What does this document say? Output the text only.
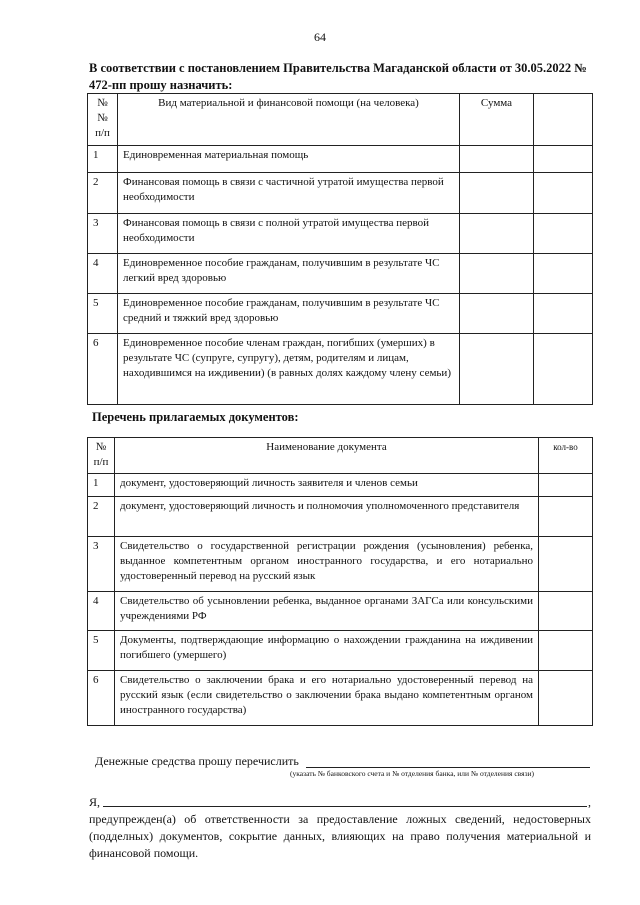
64
В соответствии с постановлением Правительства Магаданской области от 30.05.2022 № 472-пп прошу назначить:
№№ п/п	Вид материальной и финансовой помощи (на человека)	Сумма	
1	Единовременная материальная помощь		
2	Финансовая помощь в связи с частичной утратой имущества первой необходимости		
3	Финансовая помощь в связи с полной утратой имущества первой необходимости		
4	Единовременное пособие гражданам, получившим в результате ЧС легкий вред здоровью		
5	Единовременное пособие гражданам, получившим в результате ЧС средний и тяжкий вред здоровью		
6	Единовременное пособие членам граждан, погибших (умерших) в результате ЧС (супруге, супругу), детям, родителям и лицам, находившимся на иждивении) (в равных долях каждому члену семьи)		
Перечень прилагаемых документов:
№ п/п	Наименование документа	кол-во
1	документ, удостоверяющий личность заявителя и членов семьи	
2	документ, удостоверяющий личность и полномочия уполномоченного представителя	
3	Свидетельство о государственной регистрации рождения (усыновления) ребенка, выданное компетентным органом иностранного государства, и его нотариально удостоверенный перевод на русский язык	
4	Свидетельство об усыновлении ребенка, выданное органами ЗАГСа или консульскими учреждениями РФ	
5	Документы, подтверждающие информацию о нахождении гражданина на иждивении погибшего (умершего)	
6	Свидетельство о заключении брака и его нотариально удостоверенный перевод на русский язык (если свидетельство о заключении брака выдано компетентным органом иностранного государства)	
Денежные средства прошу перечислить
(указать № банковского счета и № отделения банка, или № отделения связи)
Я,	,
предупрежден(а) об ответственности за предоставление ложных сведений, недостоверных (подделных) документов, сокрытие данных, влияющих на право получения материальной и финансовой помощи.
